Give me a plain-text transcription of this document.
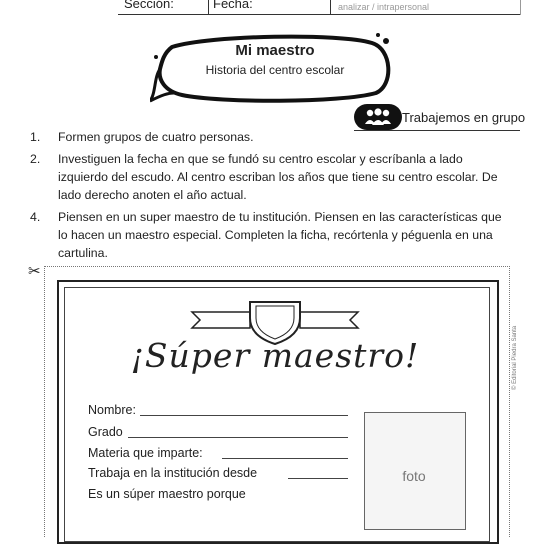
Sección:	Fecha:	analizar / intrapersonal
Mi maestro
Historia del centro escolar
Trabajemos en grupo
1. Formen grupos de cuatro personas.
2. Investiguen la fecha en que se fundó su centro escolar y escríbanla a lado izquierdo del escudo. Al centro escriban los años que tiene su centro escolar. De lado derecho anoten el año actual.
4. Piensen en un super maestro de tu institución. Piensen en las características que lo hacen un maestro especial. Completen la ficha, recórtenla y péguenla en una cartulina.
✂
¡Súper maestro!
Nombre:
Grado
Materia que imparte:
Trabaja en la institución desde
Es un súper maestro porque
foto
© Editorial Piedra Santa
